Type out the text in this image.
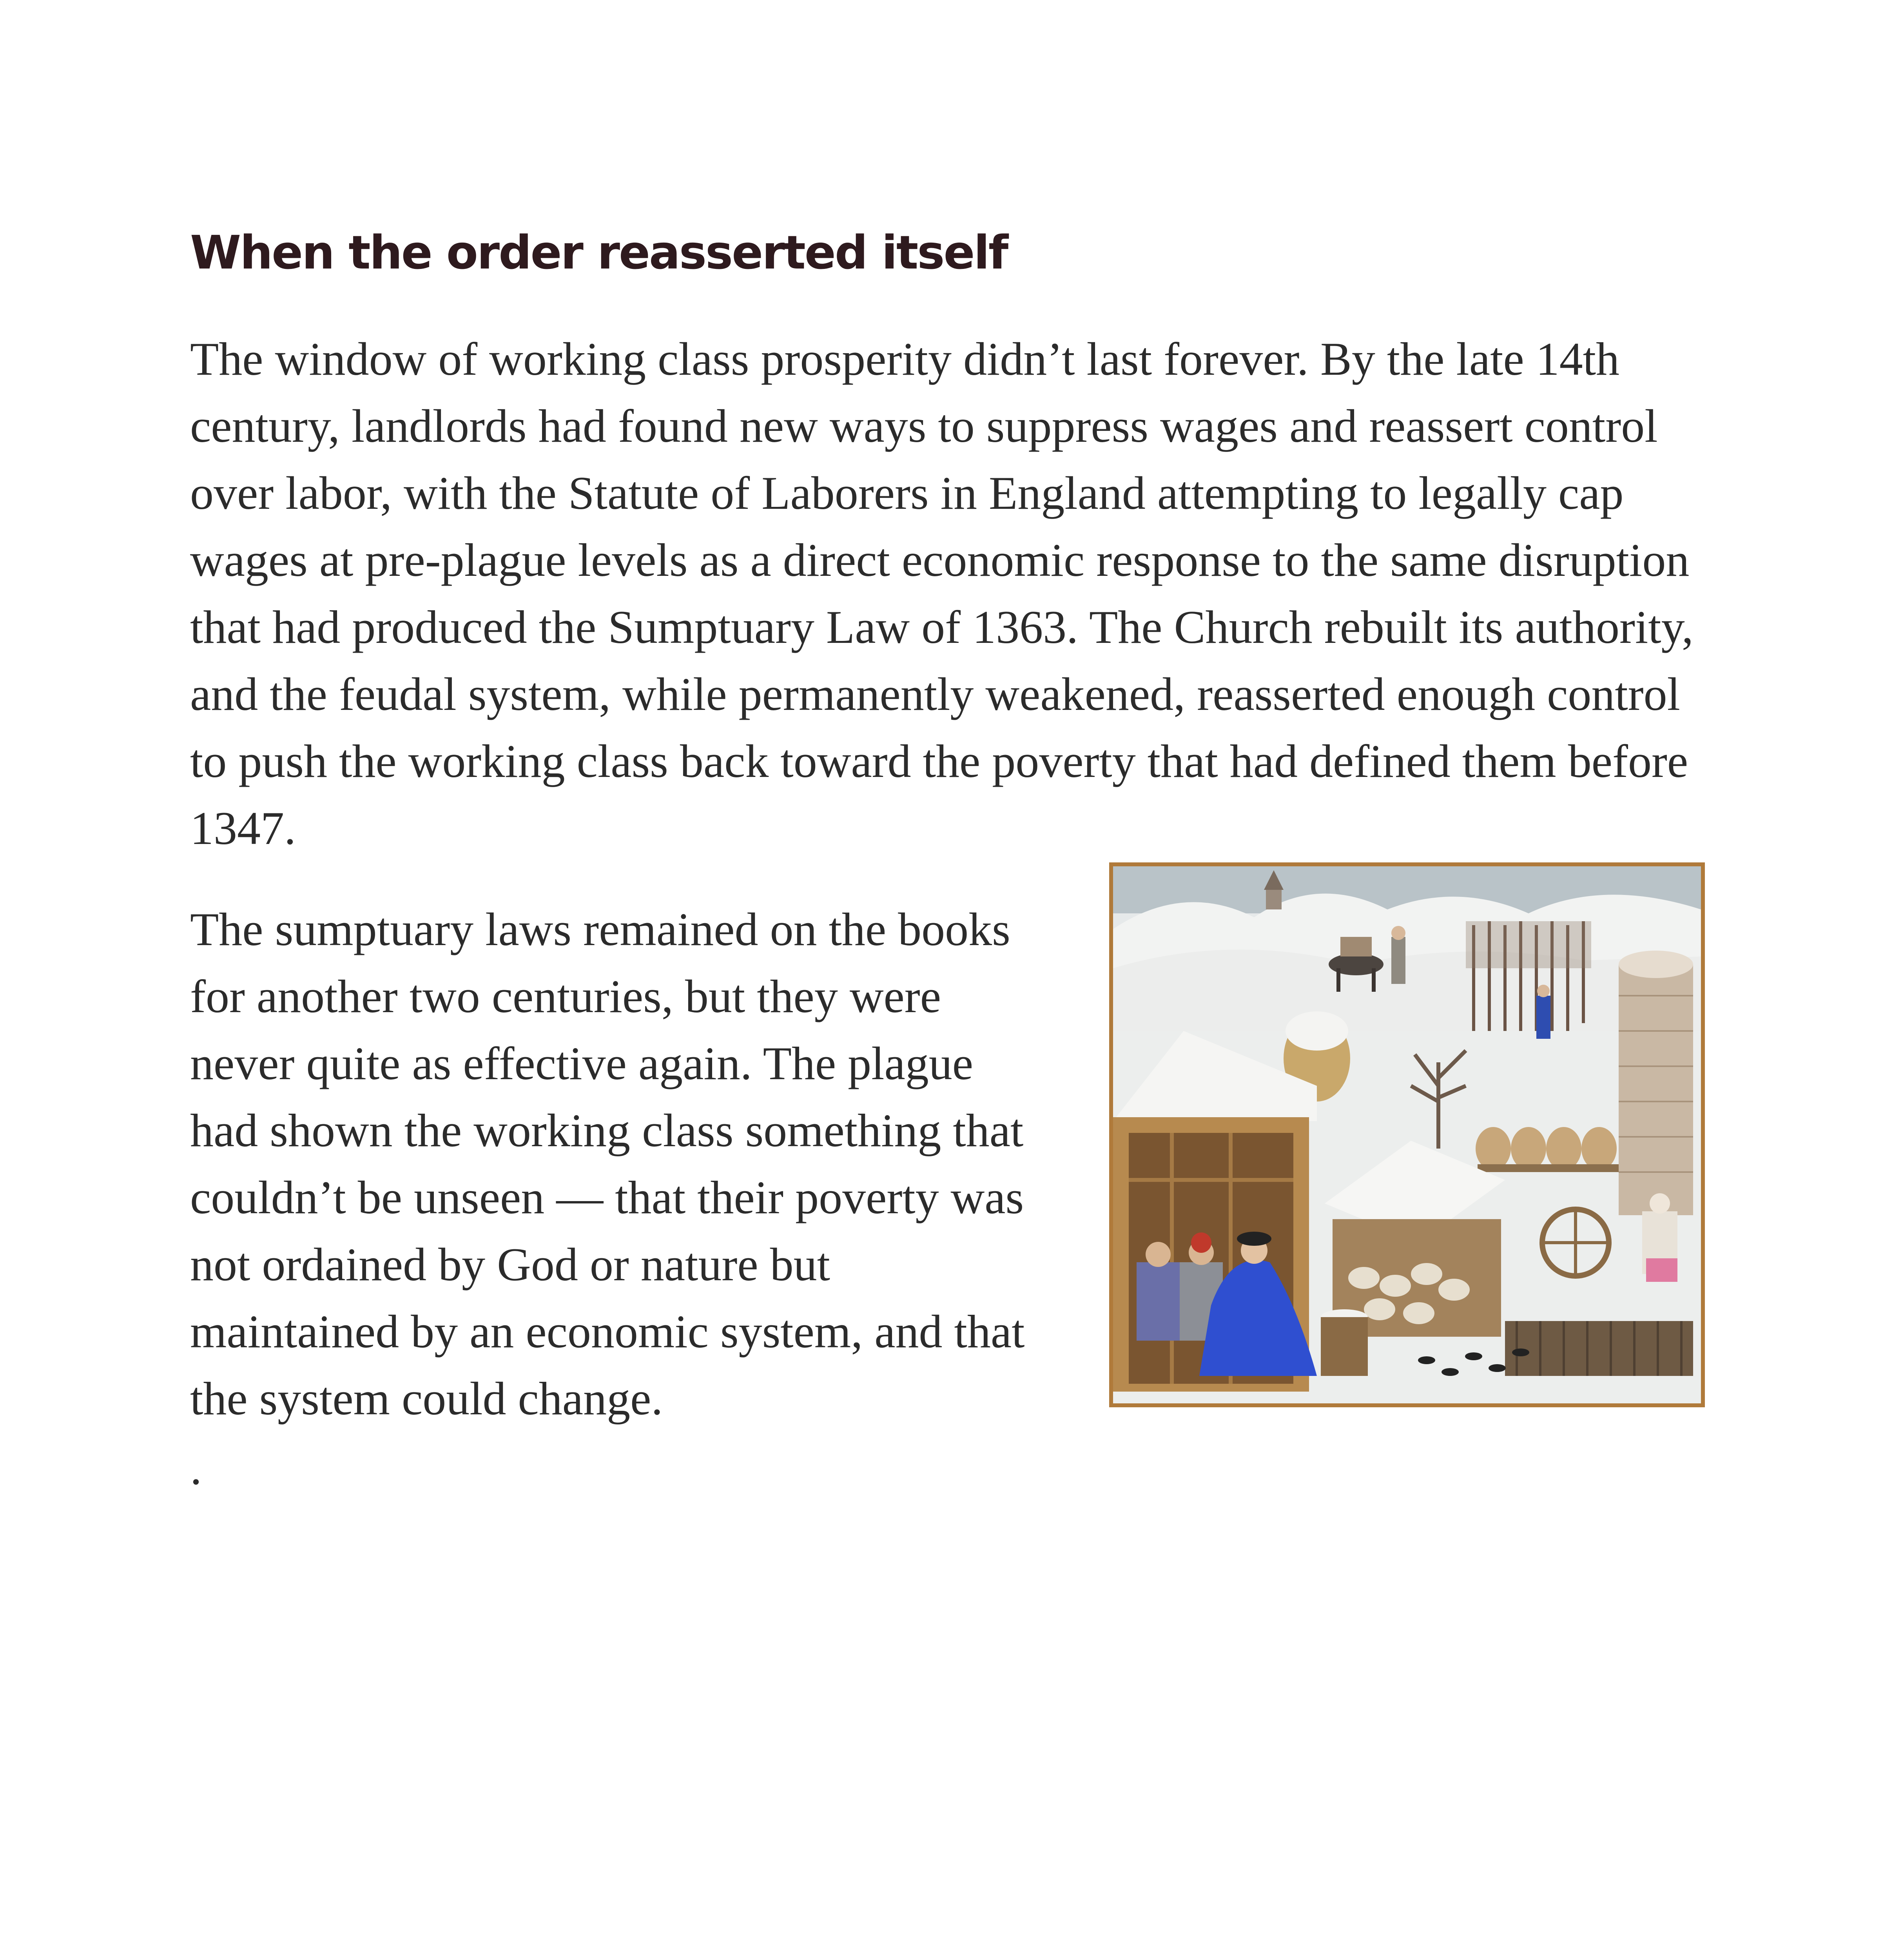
When the order reasserted itself

The window of working class prosperity didn’t last forever. By the late 14th century, landlords had found new ways to suppress wages and reassert control over labor, with the Statute of Laborers in England attempting to legally cap wages at pre-plague levels as a direct economic response to the same disruption that had produced the Sumptuary Law of 1363. The Church rebuilt its authority, and the feudal system, while permanently weakened, reasserted enough control to push the working class back toward the poverty that had defined them before 1347.

The sumptuary laws remained on the books for another two centuries, but they were never quite as effective again. The plague had shown the working class something that couldn’t be unseen — that their poverty was not ordained by God or nature but maintained by an economic system, and that the system could change.

.
